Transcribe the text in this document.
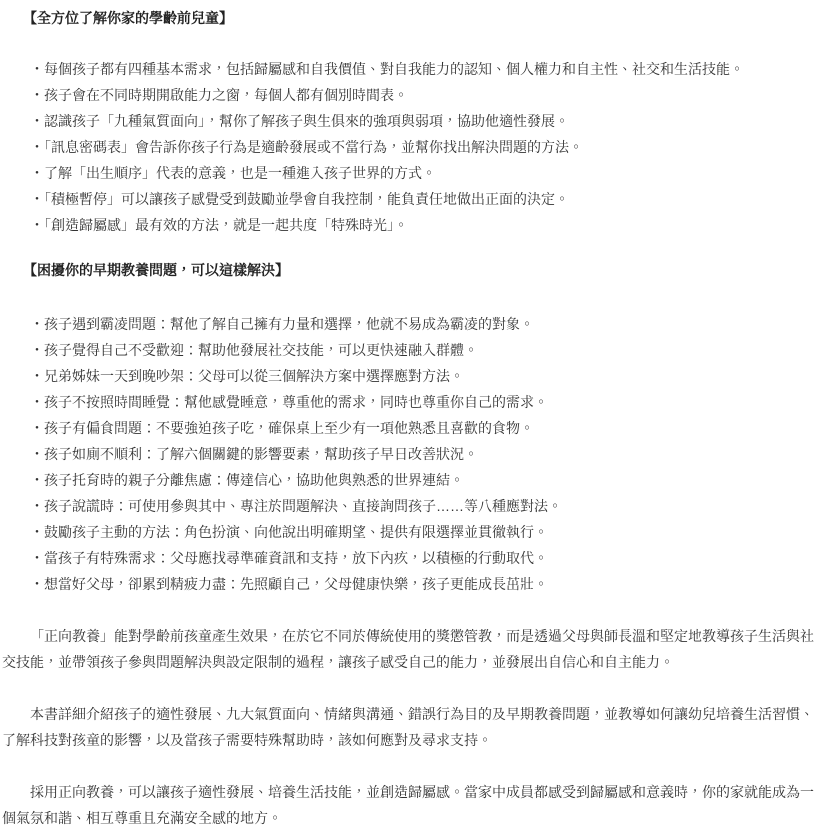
【全方位了解你家的學齡前兒童】

・每個孩子都有四種基本需求，包括歸屬感和自我價值、對自我能力的認知、個人權力和自主性、社交和生活技能。

・孩子會在不同時期開啟能力之窗，每個人都有個別時間表。

・認識孩子「九種氣質面向」，幫你了解孩子與生俱來的強項與弱項，協助他適性發展。

・「訊息密碼表」會告訴你孩子行為是適齡發展或不當行為，並幫你找出解決問題的方法。

・了解「出生順序」代表的意義，也是一種進入孩子世界的方式。

・「積極暫停」可以讓孩子感覺受到鼓勵並學會自我控制，能負責任地做出正面的決定。

・「創造歸屬感」最有效的方法，就是一起共度「特殊時光」。

【困擾你的早期教養問題，可以這樣解決】

・孩子遇到霸凌問題：幫他了解自己擁有力量和選擇，他就不易成為霸凌的對象。

・孩子覺得自己不受歡迎：幫助他發展社交技能，可以更快速融入群體。

・兄弟姊妹一天到晚吵架：父母可以從三個解決方案中選擇應對方法。

・孩子不按照時間睡覺：幫他感覺睡意，尊重他的需求，同時也尊重你自己的需求。

・孩子有偏食問題：不要強迫孩子吃，確保桌上至少有一項他熟悉且喜歡的食物。

・孩子如廁不順利：了解六個關鍵的影響要素，幫助孩子早日改善狀況。

・孩子托育時的親子分離焦慮：傳達信心，協助他與熟悉的世界連結。

・孩子說謊時：可使用參與其中、專注於問題解決、直接詢問孩子……等八種應對法。

・鼓勵孩子主動的方法：角色扮演、向他說出明確期望、提供有限選擇並貫徹執行。

・當孩子有特殊需求：父母應找尋準確資訊和支持，放下內疚，以積極的行動取代。

・想當好父母，卻累到精疲力盡：先照顧自己，父母健康快樂，孩子更能成長茁壯。

「正向教養」能對學齡前孩童產生效果，在於它不同於傳統使用的獎懲管教，而是透過父母與師長溫和堅定地教導孩子生活與社交技能，並帶領孩子參與問題解決與設定限制的過程，讓孩子感受自己的能力，並發展出自信心和自主能力。

本書詳細介紹孩子的適性發展、九大氣質面向、情緒與溝通、錯誤行為目的及早期教養問題，並教導如何讓幼兒培養生活習慣、了解科技對孩童的影響，以及當孩子需要特殊幫助時，該如何應對及尋求支持。

採用正向教養，可以讓孩子適性發展、培養生活技能，並創造歸屬感。當家中成員都感受到歸屬感和意義時，你的家就能成為一個氣氛和諧、相互尊重且充滿安全感的地方。
